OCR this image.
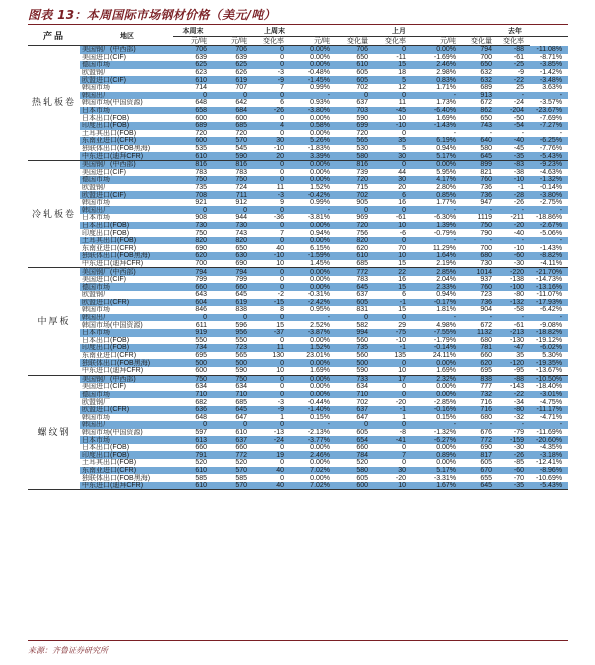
图表 13：本周国际市场钢材价格（美元/吨）
产品	地区	本周末	上周末			上月			去年		
		元/吨	元/吨	变化率	元/吨	变化量	变化率	元/吨	变化量	变化率	
热轧板卷	美国钢厂(中西部)	706	706	0	0.00%	706	0	0.00%	794	-88	-11.08%
	美国进口(CIF)	639	639	0	0.00%	650	-11	-1.69%	700	-61	-8.71%
	德国市场	625	625	0	0.00%	610	15	2.46%	650	-25	-3.85%
	欧盟钢厂	623	626	-3	-0.48%	605	18	2.98%	632	-9	-1.42%
	欧盟进口(CIF)	610	619	-9	-1.45%	605	5	0.83%	632	-22	-3.48%
	韩国市场	714	707	7	0.99%	702	12	1.71%	689	25	3.63%
	韩国出厂	0	0	0	-	0	0	-	913	-	-
	韩国市场(中国资源)	648	642	6	0.93%	637	11	1.73%	672	-24	-3.57%
	日本市场	658	684	-26	-3.80%	703	-45	-6.40%	862	-204	-23.67%
	日本出口(FOB)	600	600	0	0.00%	590	10	1.69%	650	-50	-7.69%
	印度出口(FOB)	689	685	4	0.58%	699	-10	-1.43%	743	-54	-7.27%
	土耳其出口(FOB)	720	720	0	0.00%	720	0	-	-	-	-
	东南亚进口(CFR)	600	570	30	5.26%	565	35	6.19%	640	-40	-6.25%
	独联体出口(FOB黑海)	535	545	-10	-1.83%	530	5	0.94%	580	-45	-7.76%
	中东进口(迪拜CFR)	610	590	20	3.39%	580	30	5.17%	645	-35	-5.43%
冷轧板卷	美国钢厂(中西部)	816	816	0	0.00%	816	0	0.00%	899	-83	-9.23%
	美国进口(CIF)	783	783	0	0.00%	739	44	5.95%	821	-38	-4.63%
	德国市场	750	750	0	0.00%	720	30	4.17%	760	-10	-1.32%
	欧盟钢厂	735	724	11	1.52%	715	20	2.80%	736	-1	-0.14%
	欧盟进口(CIF)	708	711	-3	-0.42%	702	6	0.85%	736	-28	-3.80%
	韩国市场	921	912	9	0.99%	905	16	1.77%	947	-26	-2.75%
	韩国出厂	0	0	0	-	0	0	-	-	-	-
	日本市场	908	944	-36	-3.81%	969	-61	-6.30%	1119	-211	-18.86%
	日本出口(FOB)	730	730	0	0.00%	720	10	1.39%	750	-20	-2.67%
	印度出口(FOB)	750	743	7	0.94%	756	-6	-0.79%	790	-40	-5.06%
	土耳其出口(FOB)	820	820	0	0.00%	820	0	-	-	-	-
	东南亚进口(CFR)	690	650	40	6.15%	620	70	11.29%	700	-10	-1.43%
	独联体出口(FOB黑海)	620	630	-10	-1.59%	610	10	1.64%	680	-60	-8.82%
	中东进口(迪拜CFR)	700	690	10	1.45%	685	15	2.19%	730	-30	-4.11%
中厚板	美国钢厂(中西部)	794	794	0	0.00%	772	22	2.85%	1014	-220	-21.70%
	美国进口(CIF)	799	799	0	0.00%	783	16	2.04%	937	-138	-14.73%
	德国市场	660	660	0	0.00%	645	15	2.33%	760	-100	-13.16%
	欧盟钢厂	643	645	-2	-0.31%	637	6	0.94%	723	-80	-11.07%
	欧盟进口(CFR)	604	619	-15	-2.42%	605	-1	-0.17%	736	-132	-17.93%
	韩国市场	846	838	8	0.95%	831	15	1.81%	904	-58	-6.42%
	韩国出厂	0	0	0	-	0	0	-	-	-	-
	韩国市场(中国资源)	611	596	15	2.52%	582	29	4.98%	672	-61	-9.08%
	日本市场	919	956	-37	-3.87%	994	-75	-7.55%	1132	-213	-18.82%
	日本出口(FOB)	550	550	0	0.00%	560	-10	-1.79%	680	-130	-19.12%
	印度出口(FOB)	734	723	11	1.52%	735	-1	-0.14%	781	-47	-6.02%
	东南亚进口(CFR)	695	565	130	23.01%	560	135	24.11%	660	35	5.30%
	独联体出口(FOB黑海)	500	500	0	0.00%	500	0	0.00%	620	-120	-19.35%
	中东进口(迪拜CFR)	600	590	10	1.69%	590	10	1.69%	695	-95	-13.67%
螺纹钢	美国钢厂(中西部)	750	750	0	0.00%	733	17	2.32%	838	-88	-10.50%
	美国进口(CIF)	634	634	0	0.00%	634	0	0.00%	777	-143	-18.40%
	德国市场	710	710	0	0.00%	710	0	0.00%	732	-22	-3.01%
	欧盟钢厂	682	685	-3	-0.44%	702	-20	-2.85%	716	-34	-4.75%
	欧盟进口(CFR)	636	645	-9	-1.40%	637	-1	-0.16%	716	-80	-11.17%
	韩国市场	648	647	1	0.15%	647	1	0.15%	680	-32	-4.71%
	韩国出厂	0	0	0	-	0	0	-	-	-	-
	韩国市场(中国资源)	597	610	-13	-2.13%	605	-8	-1.32%	676	-79	-11.69%
	日本市场	613	637	-24	-3.77%	654	-41	-6.27%	772	-159	-20.60%
	日本出口(FOB)	660	660	0	0.00%	660	0	0.00%	690	-30	-4.35%
	印度出口(FOB)	791	772	19	2.46%	784	7	0.89%	817	-26	-3.18%
	土耳其出口(FOB)	520	520	0	0.00%	520	0	0.00%	605	-85	-12.41%
	东南亚进口(CFR)	610	570	40	7.02%	580	30	5.17%	670	-60	-8.96%
	独联体出口(FOB黑海)	585	585	0	0.00%	605	-20	-3.31%	655	-70	-10.69%
	中东进口(迪拜CFR)	610	570	40	7.02%	600	10	1.67%	645	-35	-5.43%
来源：齐鲁证券研究所
